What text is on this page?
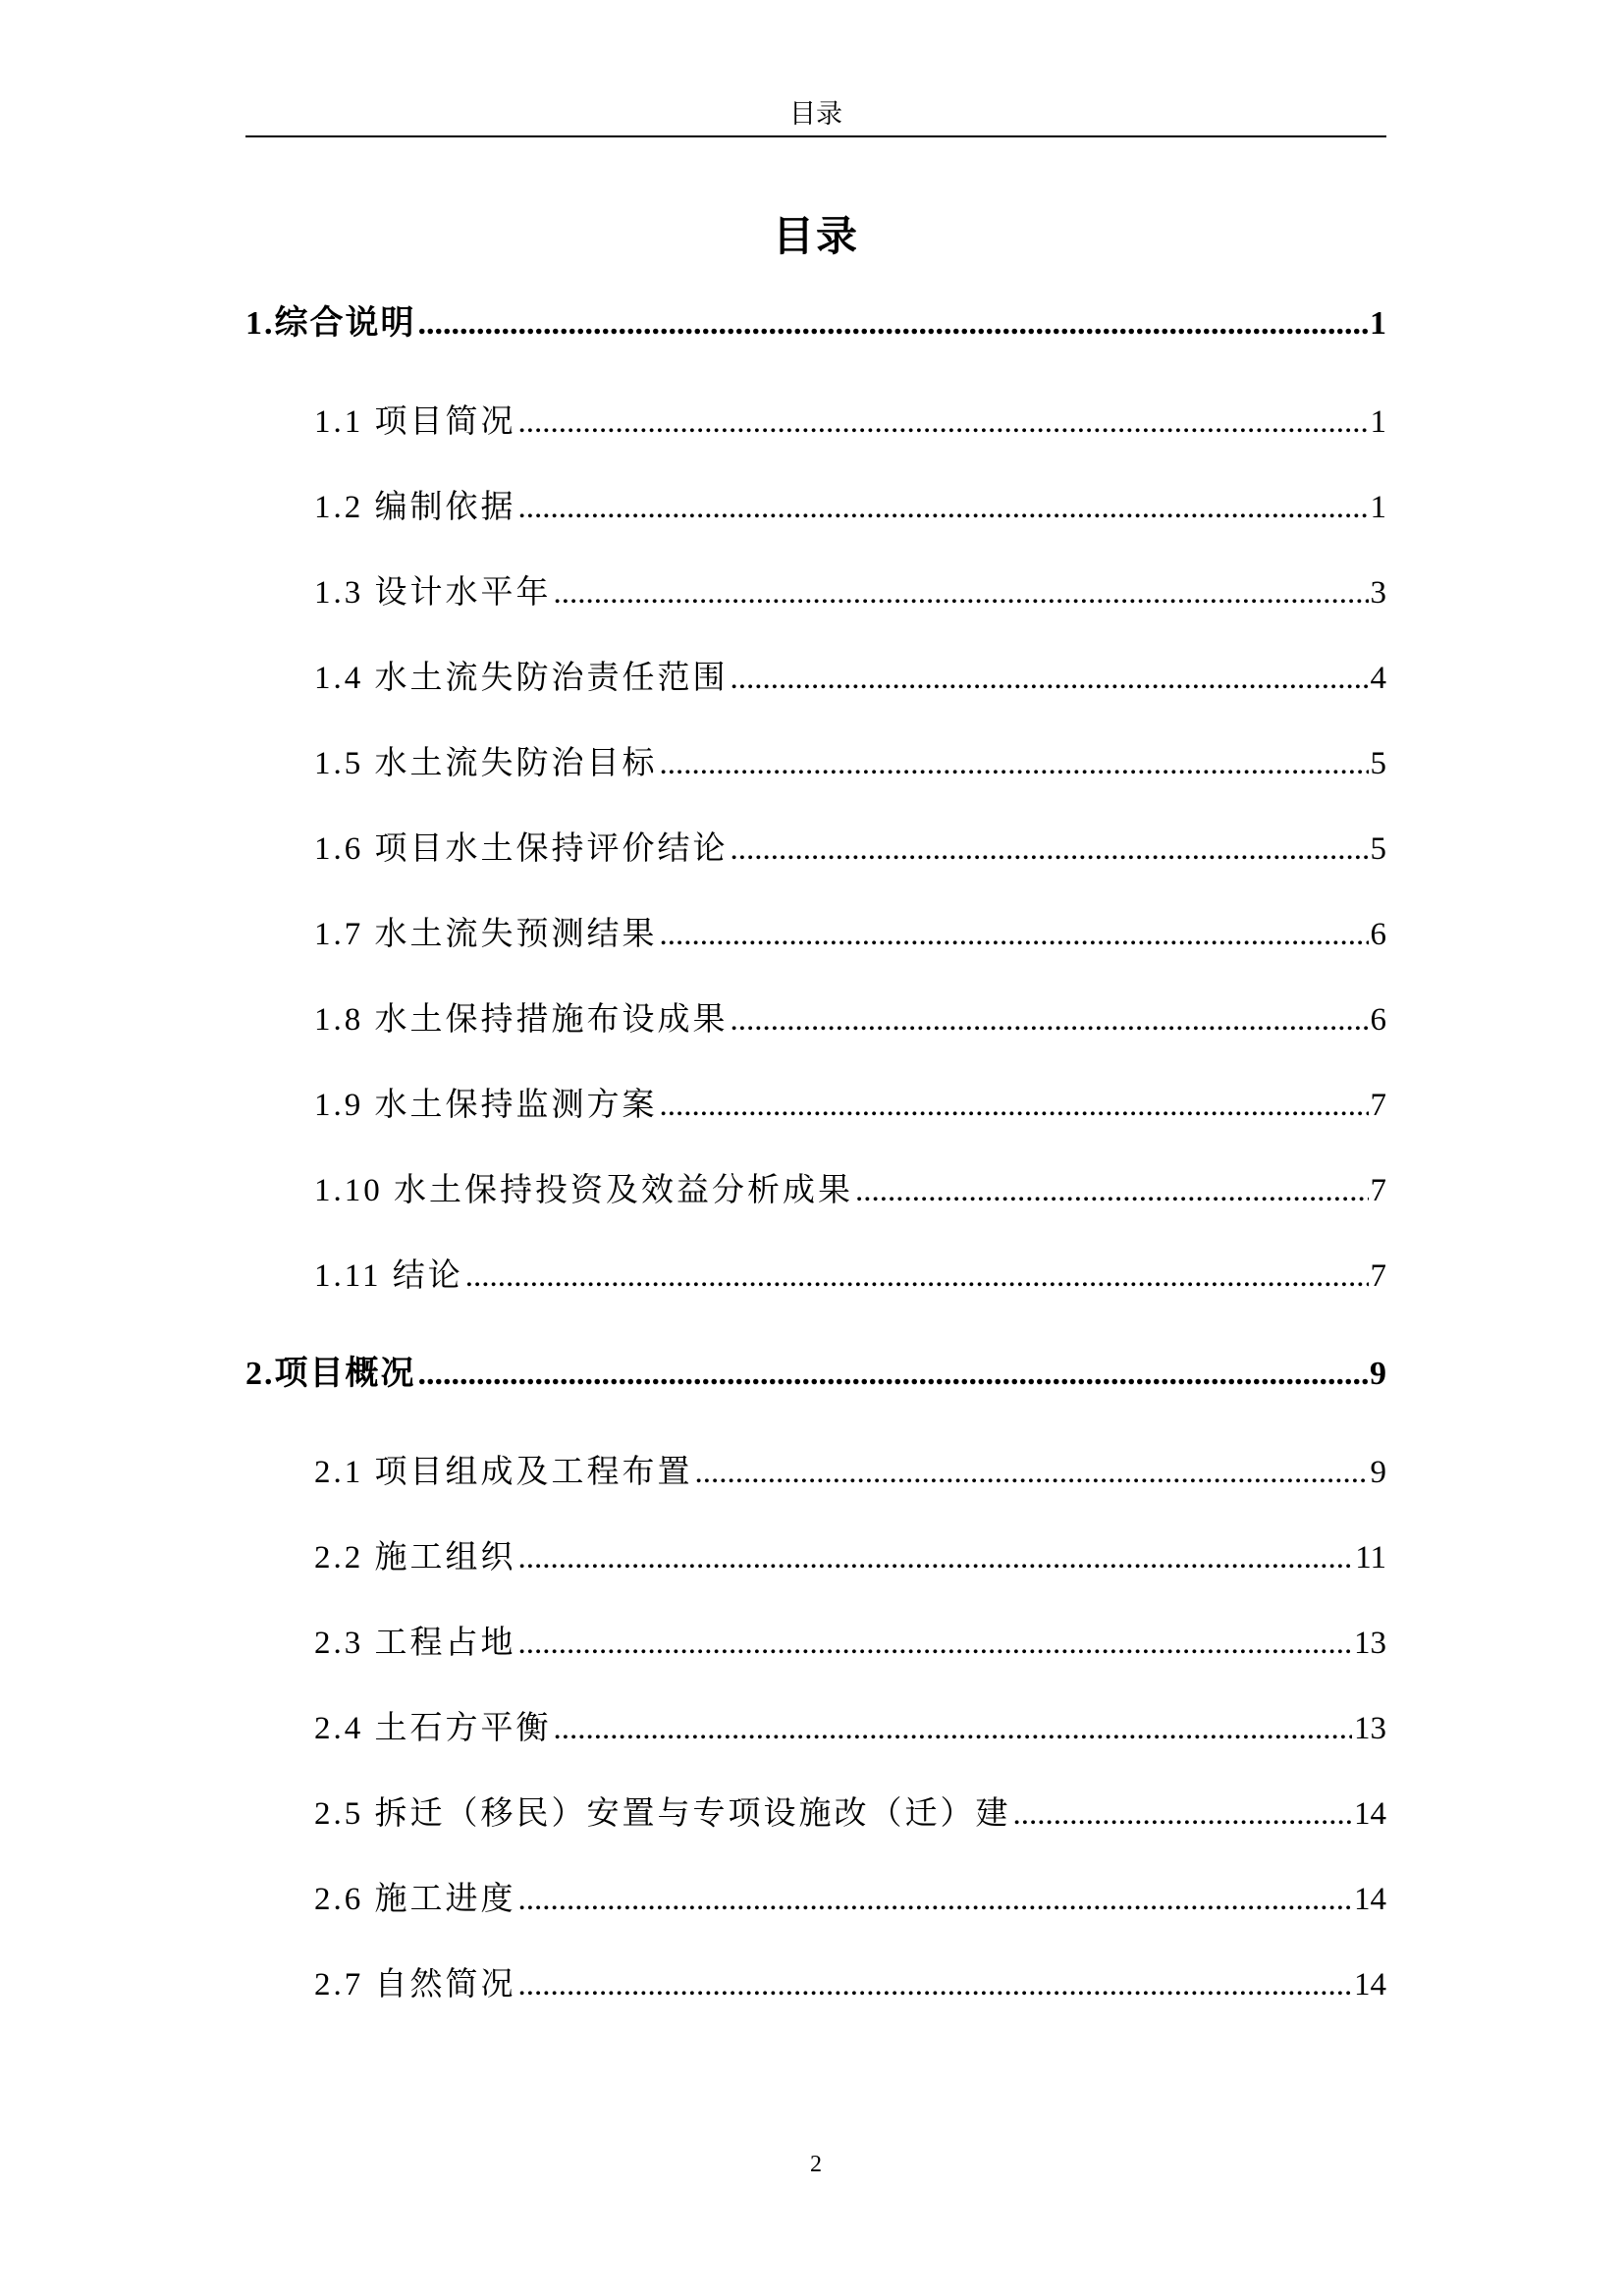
目录
目录
1.综合说明 .....	1
1.1 项目简况 .....	1
1.2 编制依据 .....	1
1.3 设计水平年 .....	3
1.4 水土流失防治责任范围 .....	4
1.5 水土流失防治目标 .....	5
1.6 项目水土保持评价结论 .....	5
1.7 水土流失预测结果 .....	6
1.8 水土保持措施布设成果 .....	6
1.9 水土保持监测方案 .....	7
1.10 水土保持投资及效益分析成果 .....	7
1.11 结论 .....	7
2.项目概况 .....	9
2.1 项目组成及工程布置 .....	9
2.2 施工组织 .....	11
2.3 工程占地 .....	13
2.4 土石方平衡 .....	13
2.5 拆迁（移民）安置与专项设施改（迁）建 .....	14
2.6 施工进度 .....	14
2.7 自然简况 .....	14
2
